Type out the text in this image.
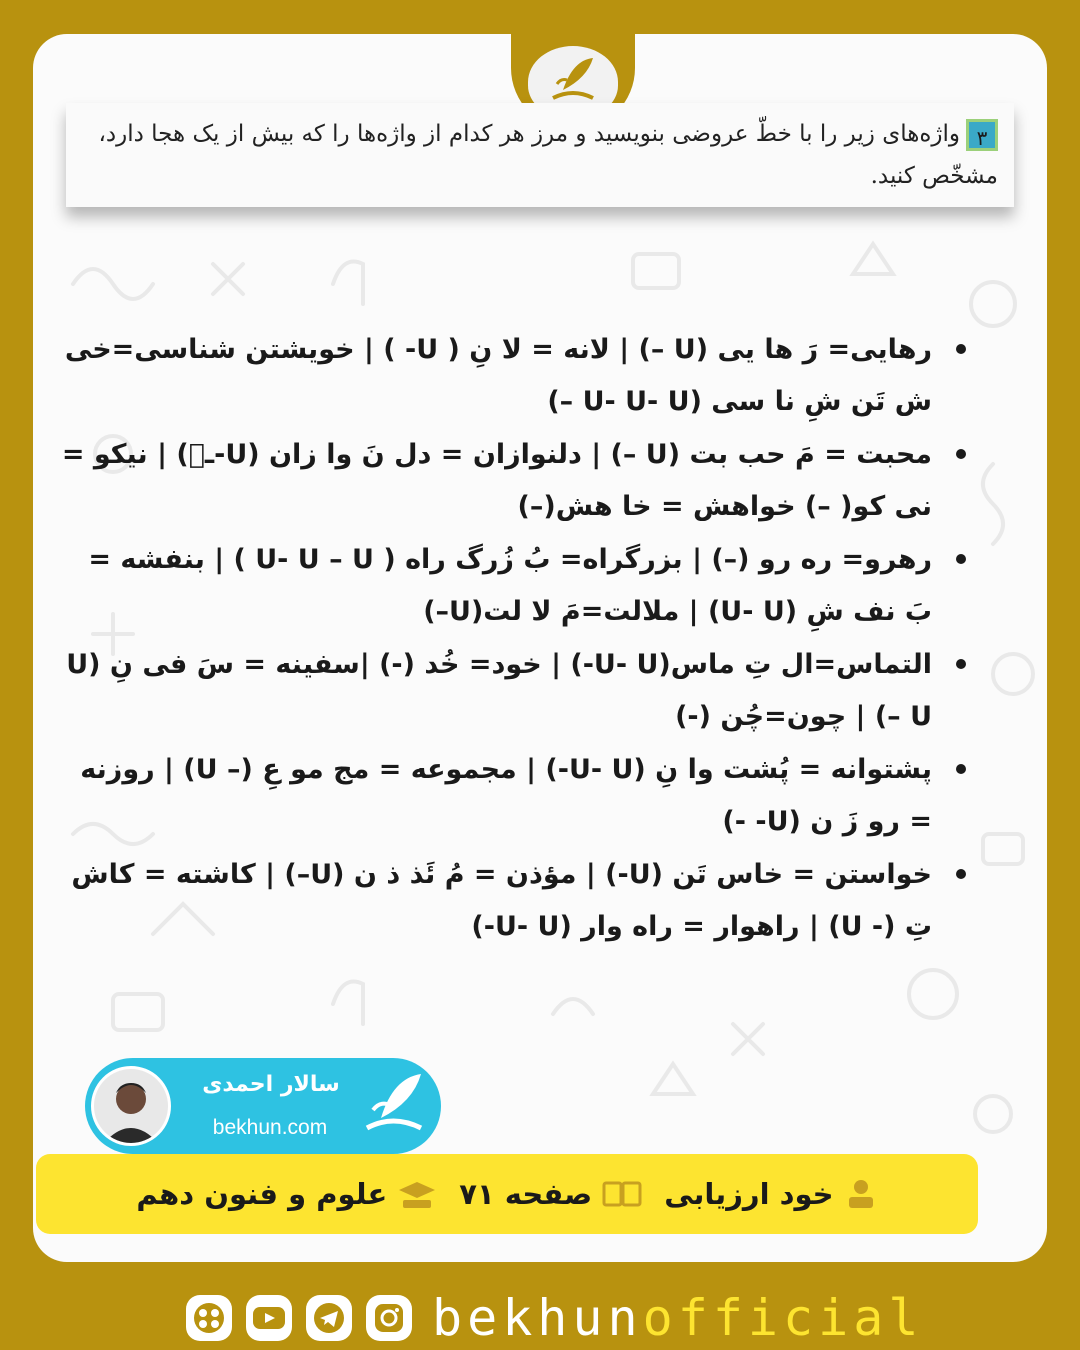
۳واژه‌های زیر را با خطّ عروضی بنویسید و مرز هر کدام از واژه‌ها را که بیش از یک هجا دارد، مشخّص کنید.
رهایی= رَ ها یی (U –) | لانه = لا نِ ( U- ) | خویشتن شناسی=خی ش تَن شِ نا سی (U- U- U –)
محبت = مَ حب بت (U –) | دلنوازان = دل نَ وا زان (U-ـ͐) | نیکو = نی کو( –) خواهش = خا هش(–)
رهرو= ره رو (–) | بزرگراه= بُ زُرگ راه ( U- U – U ) | بنفشه = بَ نف شِ (U- U) | ملالت=مَ لا لت(U–)
التماس=ال تِ ماس(U- U-) | خود= خُد (-) |سفینه = سَ فی نِ (U – U) | چون=چُن (-)
پشتوانه = پُشت وا نِ (U- U-) | مجموعه = مج مو عِ (– U) | روزنه = رو زَ ن (U- -)
خواستن = خاس تَن (U-) | مؤذن = مُ ئَذ ذ ن (U–) | کاشته = کاش تِ (- U) | راهوار = راه وار (U- U-)
سالار احمدی
bekhun.com
خود ارزیابی
صفحه ۷۱
علوم و فنون دهم
bekhunofficial
